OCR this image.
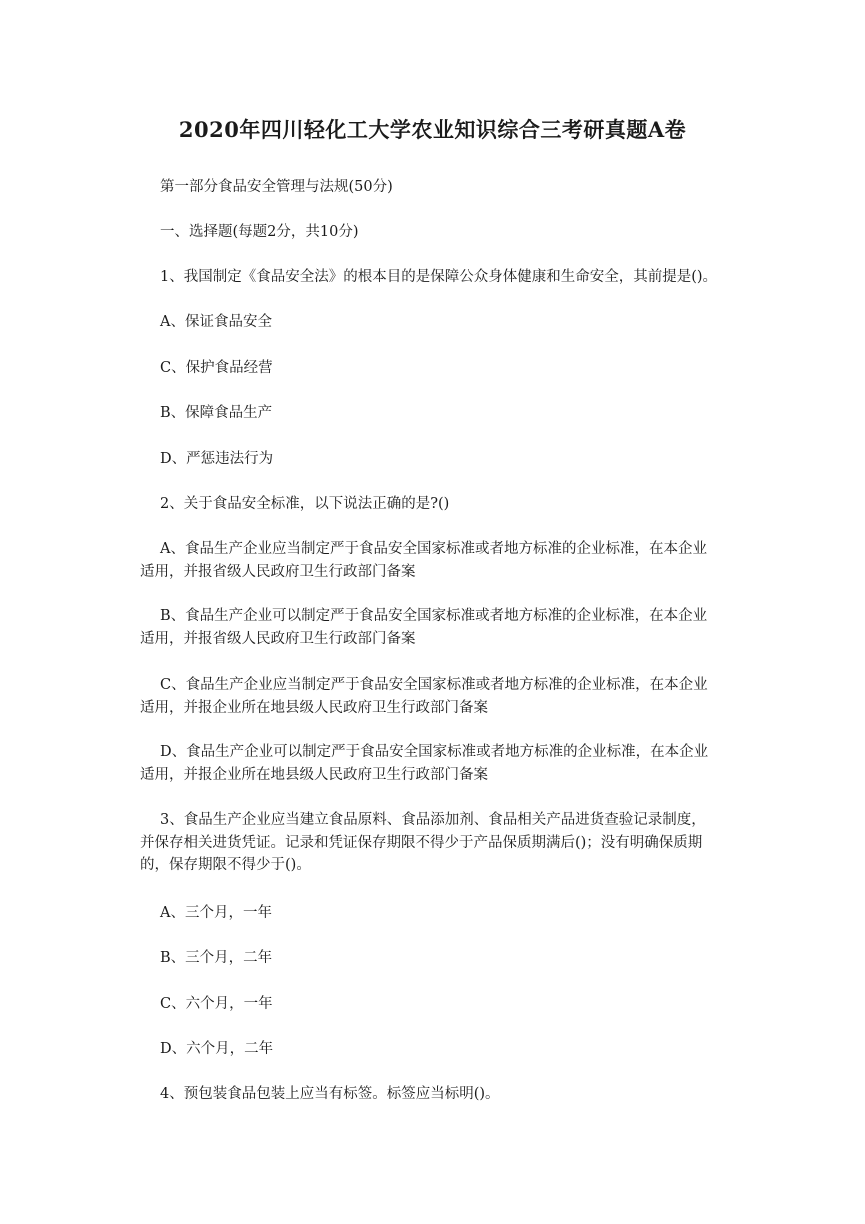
2020年四川轻化工大学农业知识综合三考研真题A卷
第一部分食品安全管理与法规(50分)
一、选择题(每题2分，共10分)
1、我国制定《食品安全法》的根本目的是保障公众身体健康和生命安全，其前提是()。
A、保证食品安全
C、保护食品经营
B、保障食品生产
D、严惩违法行为
2、关于食品安全标准，以下说法正确的是?()
A、食品生产企业应当制定严于食品安全国家标准或者地方标准的企业标准，在本企业
适用，并报省级人民政府卫生行政部门备案
B、食品生产企业可以制定严于食品安全国家标准或者地方标准的企业标准，在本企业
适用，并报省级人民政府卫生行政部门备案
C、食品生产企业应当制定严于食品安全国家标准或者地方标准的企业标准，在本企业
适用，并报企业所在地县级人民政府卫生行政部门备案
D、食品生产企业可以制定严于食品安全国家标准或者地方标准的企业标准，在本企业
适用，并报企业所在地县级人民政府卫生行政部门备案
3、食品生产企业应当建立食品原料、食品添加剂、食品相关产品进货查验记录制度，
并保存相关进货凭证。记录和凭证保存期限不得少于产品保质期满后()；没有明确保质期
的，保存期限不得少于()。
A、三个月，一年
B、三个月，二年
C、六个月，一年
D、六个月，二年
4、预包装食品包装上应当有标签。标签应当标明()。
